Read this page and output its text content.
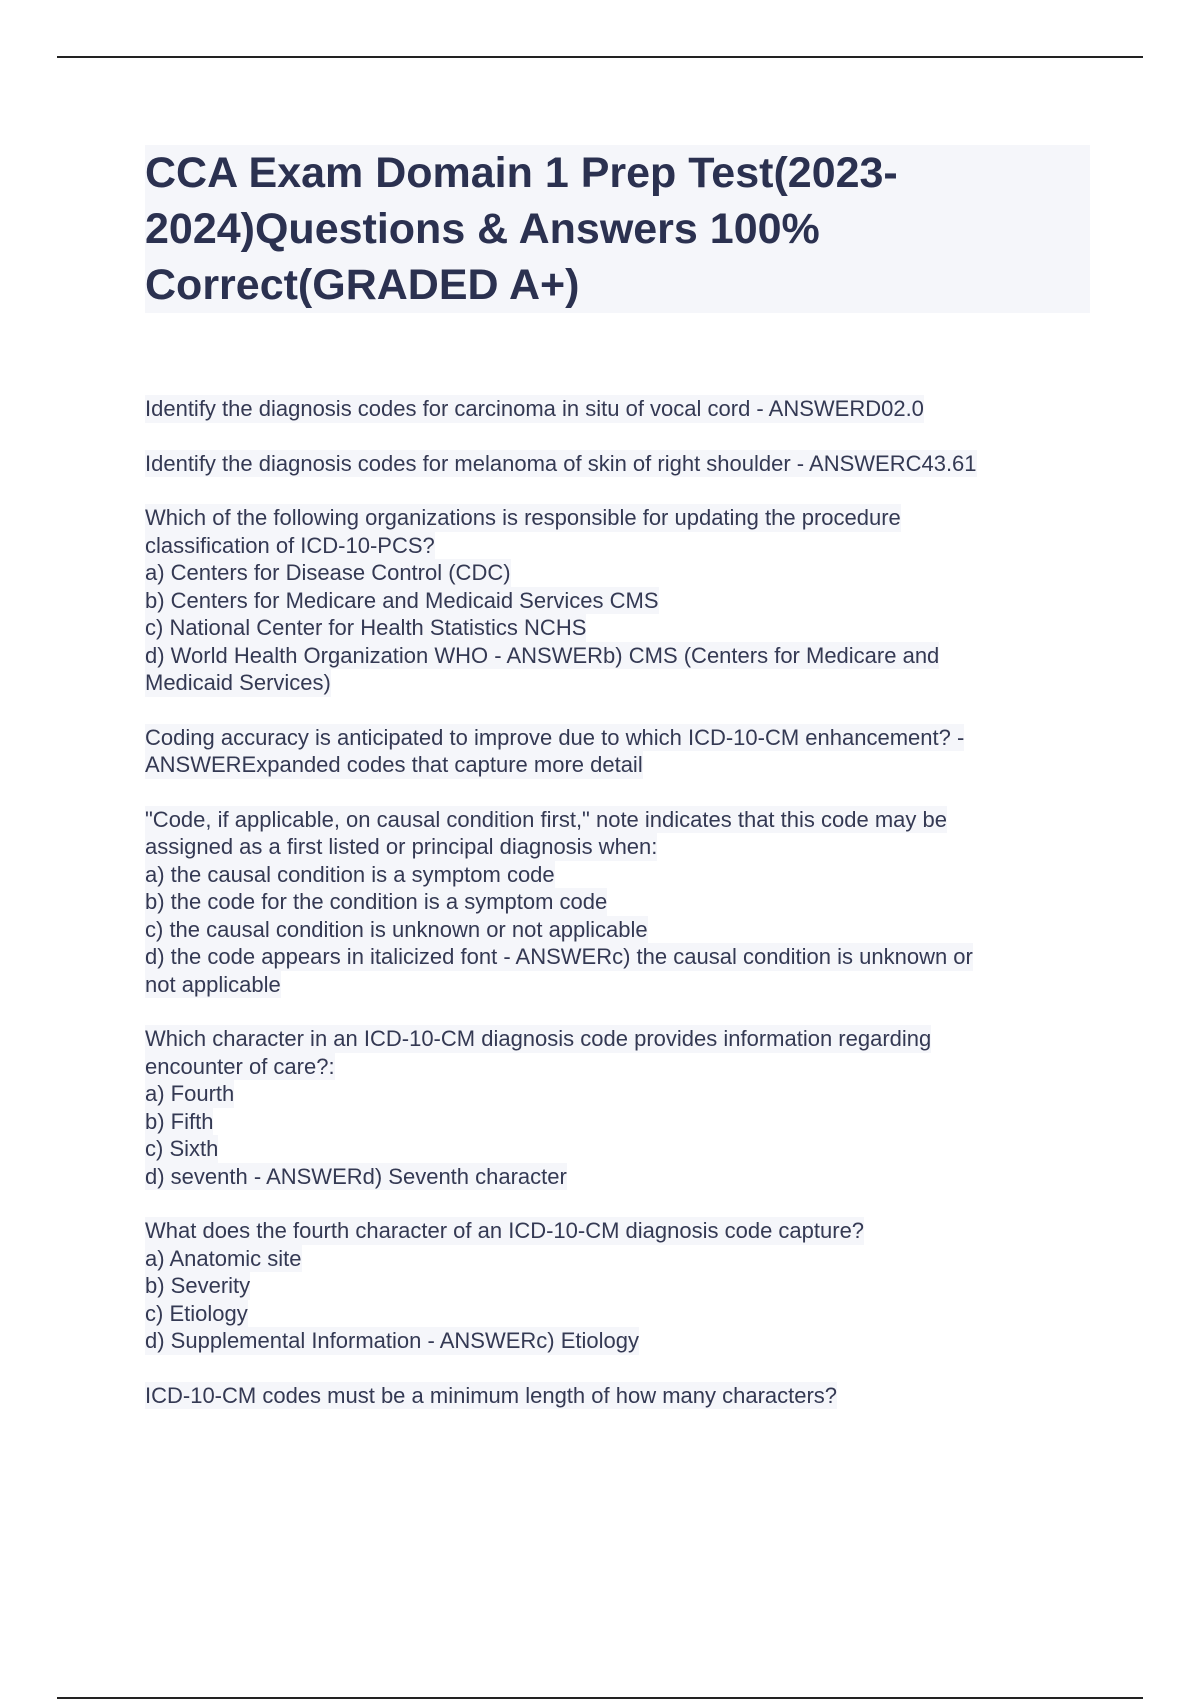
CCA Exam Domain 1 Prep Test(2023-
2024)Questions & Answers 100%
Correct(GRADED A+)
Identify the diagnosis codes for carcinoma in situ of vocal cord - ANSWERD02.0
Identify the diagnosis codes for melanoma of skin of right shoulder - ANSWERC43.61
Which of the following organizations is responsible for updating the procedure
classification of ICD-10-PCS?
a) Centers for Disease Control (CDC)
b) Centers for Medicare and Medicaid Services CMS
c) National Center for Health Statistics NCHS
d) World Health Organization WHO - ANSWERb) CMS (Centers for Medicare and
Medicaid Services)
Coding accuracy is anticipated to improve due to which ICD-10-CM enhancement? -
ANSWERExpanded codes that capture more detail
"Code, if applicable, on causal condition first," note indicates that this code may be
assigned as a first listed or principal diagnosis when:
a) the causal condition is a symptom code
b) the code for the condition is a symptom code
c) the causal condition is unknown or not applicable
d) the code appears in italicized font - ANSWERc) the causal condition is unknown or
not applicable
Which character in an ICD-10-CM diagnosis code provides information regarding
encounter of care?:
a) Fourth
b) Fifth
c) Sixth
d) seventh - ANSWERd) Seventh character
What does the fourth character of an ICD-10-CM diagnosis code capture?
a) Anatomic site
b) Severity
c) Etiology
d) Supplemental Information - ANSWERc) Etiology
ICD-10-CM codes must be a minimum length of how many characters?
